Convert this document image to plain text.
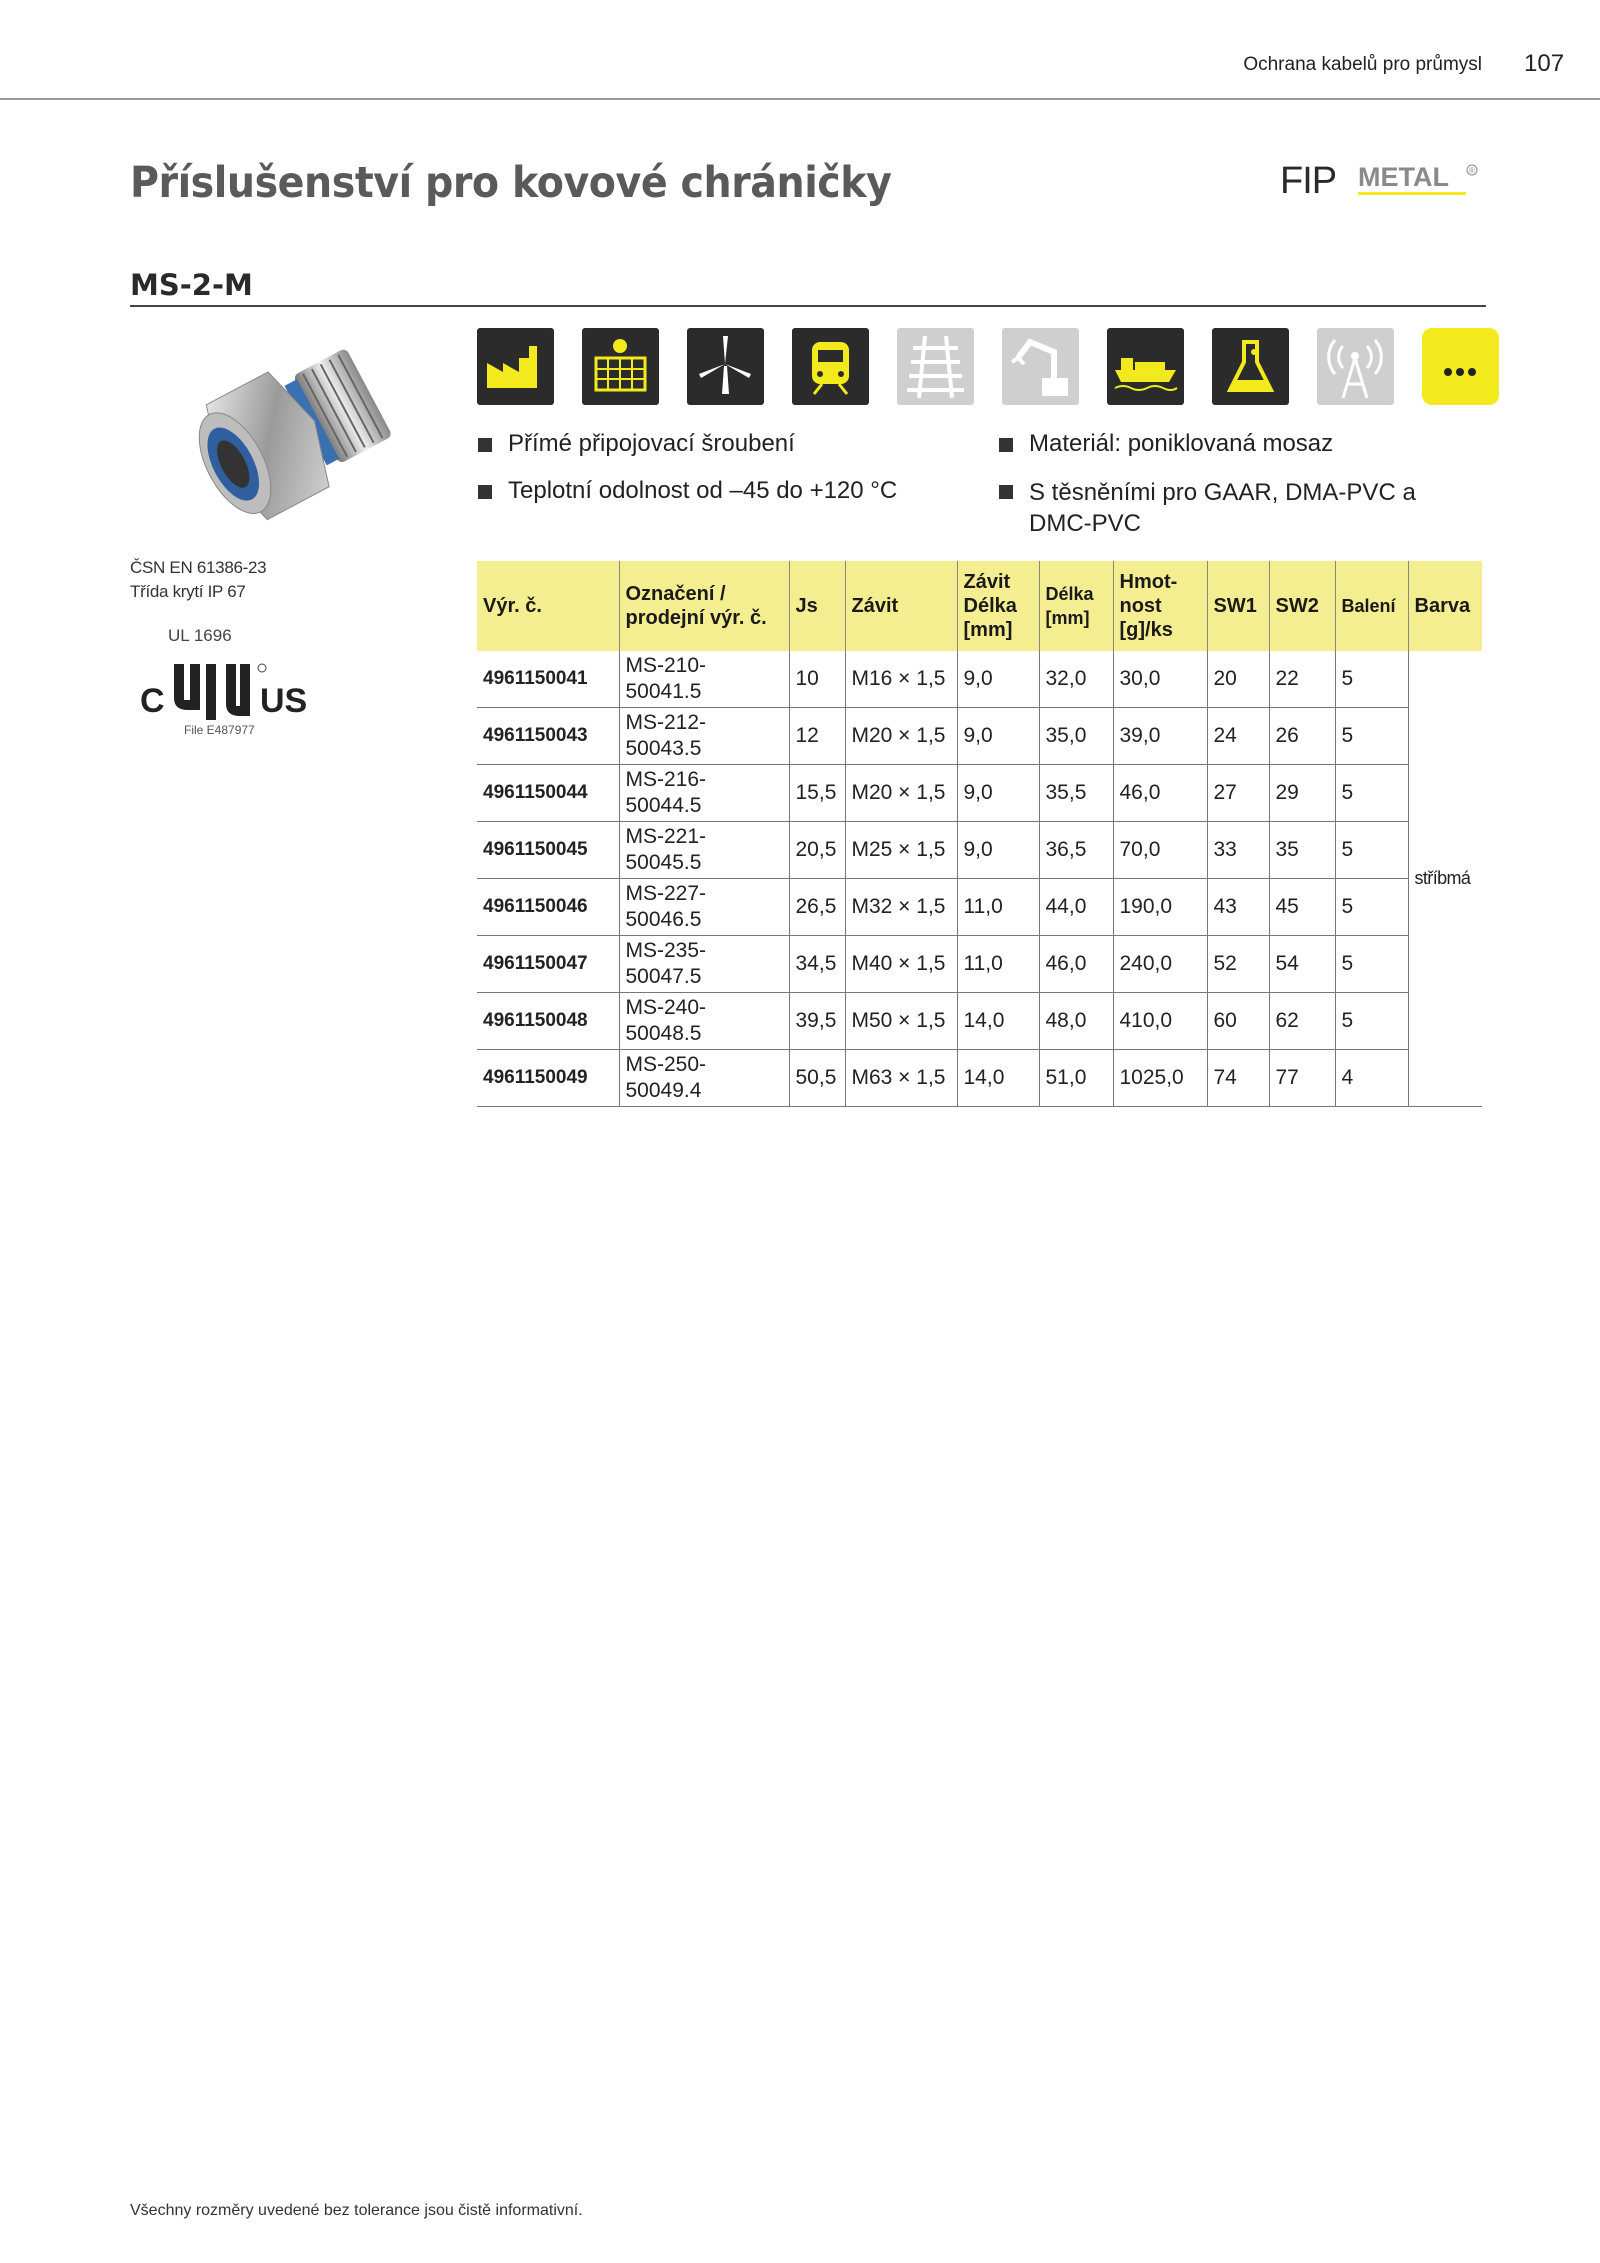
Ochrana kabelů pro průmysl 107
Příslušenství pro kovové chráničky	FIP METAL	®
MS-2-M
Přímé připojovací šroubení
Teplotní odolnost od –45 do +120 °C
Materiál: poniklovaná mosaz
S těsněními pro GAAR, DMA-PVC a DMC-PVC
ČSN EN 61386-23
Třída krytí IP 67
UL 1696
C	US
File E487977
Výr. č.	Označení / prodejní výr. č.	Js	Závit	Závit Délka [mm]	Délka [mm]	Hmot- nost [g]/ks	SW1	SW2	Balení	Barva
4961150041	MS-210-
50041.5	10	M16 × 1,5	9,0	32,0	30,0	20	22	5	stříbmá
4961150043	MS-212-
50043.5	12	M20 × 1,5	9,0	35,0	39,0	24	26	5	
4961150044	MS-216-
50044.5	15,5	M20 × 1,5	9,0	35,5	46,0	27	29	5	
4961150045	MS-221-
50045.5	20,5	M25 × 1,5	9,0	36,5	70,0	33	35	5	
4961150046	MS-227-
50046.5	26,5	M32 × 1,5	11,0	44,0	190,0	43	45	5	
4961150047	MS-235-
50047.5	34,5	M40 × 1,5	11,0	46,0	240,0	52	54	5	
4961150048	MS-240-
50048.5	39,5	M50 × 1,5	14,0	48,0	410,0	60	62	5	
4961150049	MS-250-
50049.4	50,5	M63 × 1,5	14,0	51,0	1025,0	74	77	4	
Všechny rozměry uvedené bez tolerance jsou čistě informativní.
